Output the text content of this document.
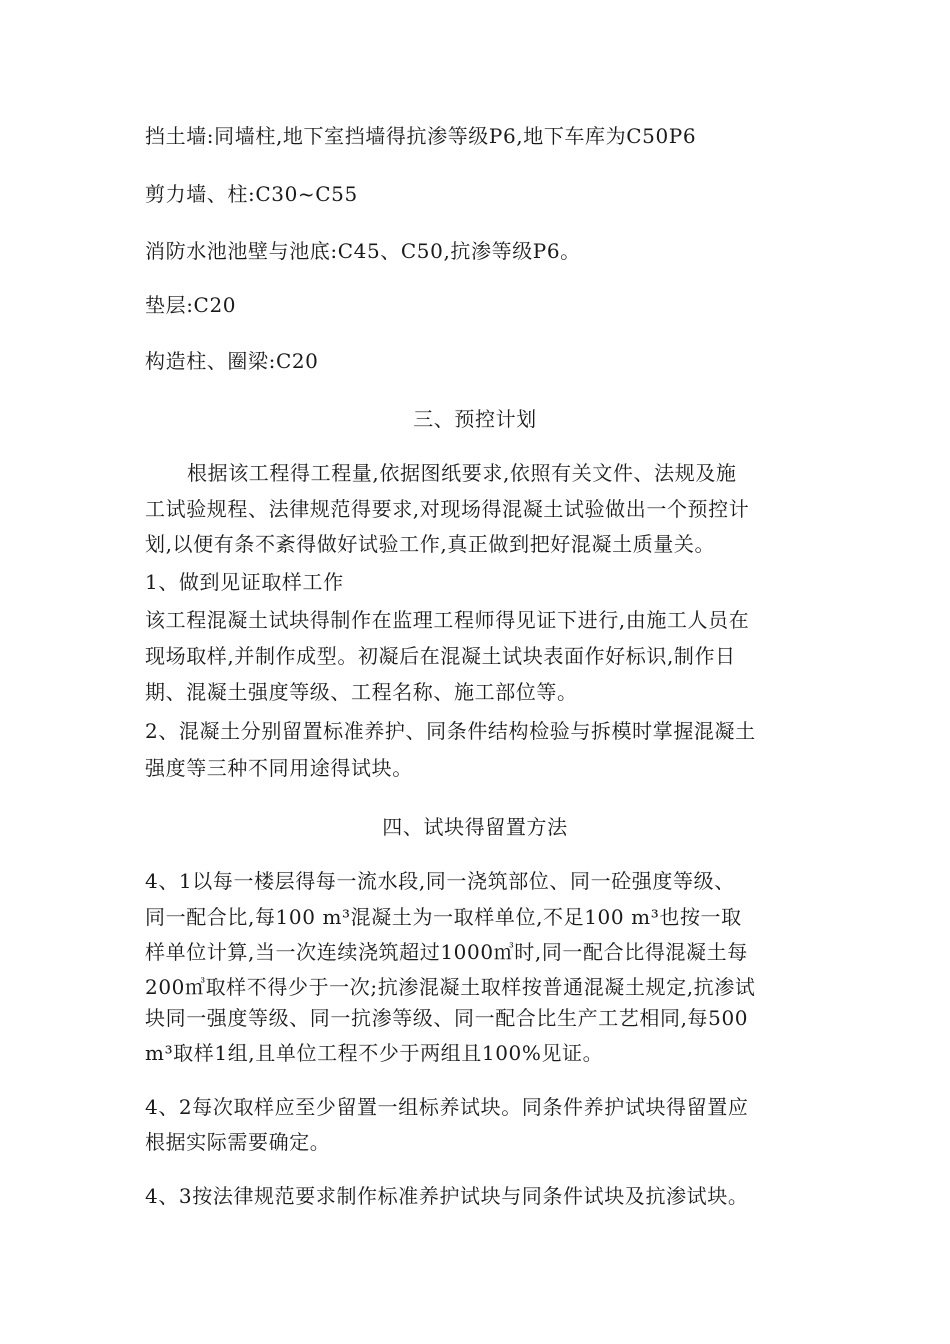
挡土墙:同墙柱,地下室挡墙得抗渗等级P6,地下车库为C50P6
剪力墙、柱:C30~C55
消防水池池壁与池底:C45、C50,抗渗等级P6。
垫层:C20
构造柱、圈梁:C20
三、预控计划
根据该工程得工程量,依据图纸要求,依照有关文件、法规及施
工试验规程、法律规范得要求,对现场得混凝土试验做出一个预控计
划,以便有条不紊得做好试验工作,真正做到把好混凝土质量关。
1、做到见证取样工作
该工程混凝土试块得制作在监理工程师得见证下进行,由施工人员在
现场取样,并制作成型。初凝后在混凝土试块表面作好标识,制作日
期、混凝土强度等级、工程名称、施工部位等。
2、混凝土分别留置标准养护、同条件结构检验与拆模时掌握混凝土
强度等三种不同用途得试块。
四、试块得留置方法
4、1以每一楼层得每一流水段,同一浇筑部位、同一砼强度等级、
同一配合比,每100 m³混凝土为一取样单位,不足100 m³也按一取
样单位计算,当一次连续浇筑超过1000㎥时,同一配合比得混凝土每
200㎥取样不得少于一次;抗渗混凝土取样按普通混凝土规定,抗渗试
块同一强度等级、同一抗渗等级、同一配合比生产工艺相同,每500
m³取样1组,且单位工程不少于两组且100%见证。
4、2每次取样应至少留置一组标养试块。同条件养护试块得留置应
根据实际需要确定。
4、3按法律规范要求制作标准养护试块与同条件试块及抗渗试块。
